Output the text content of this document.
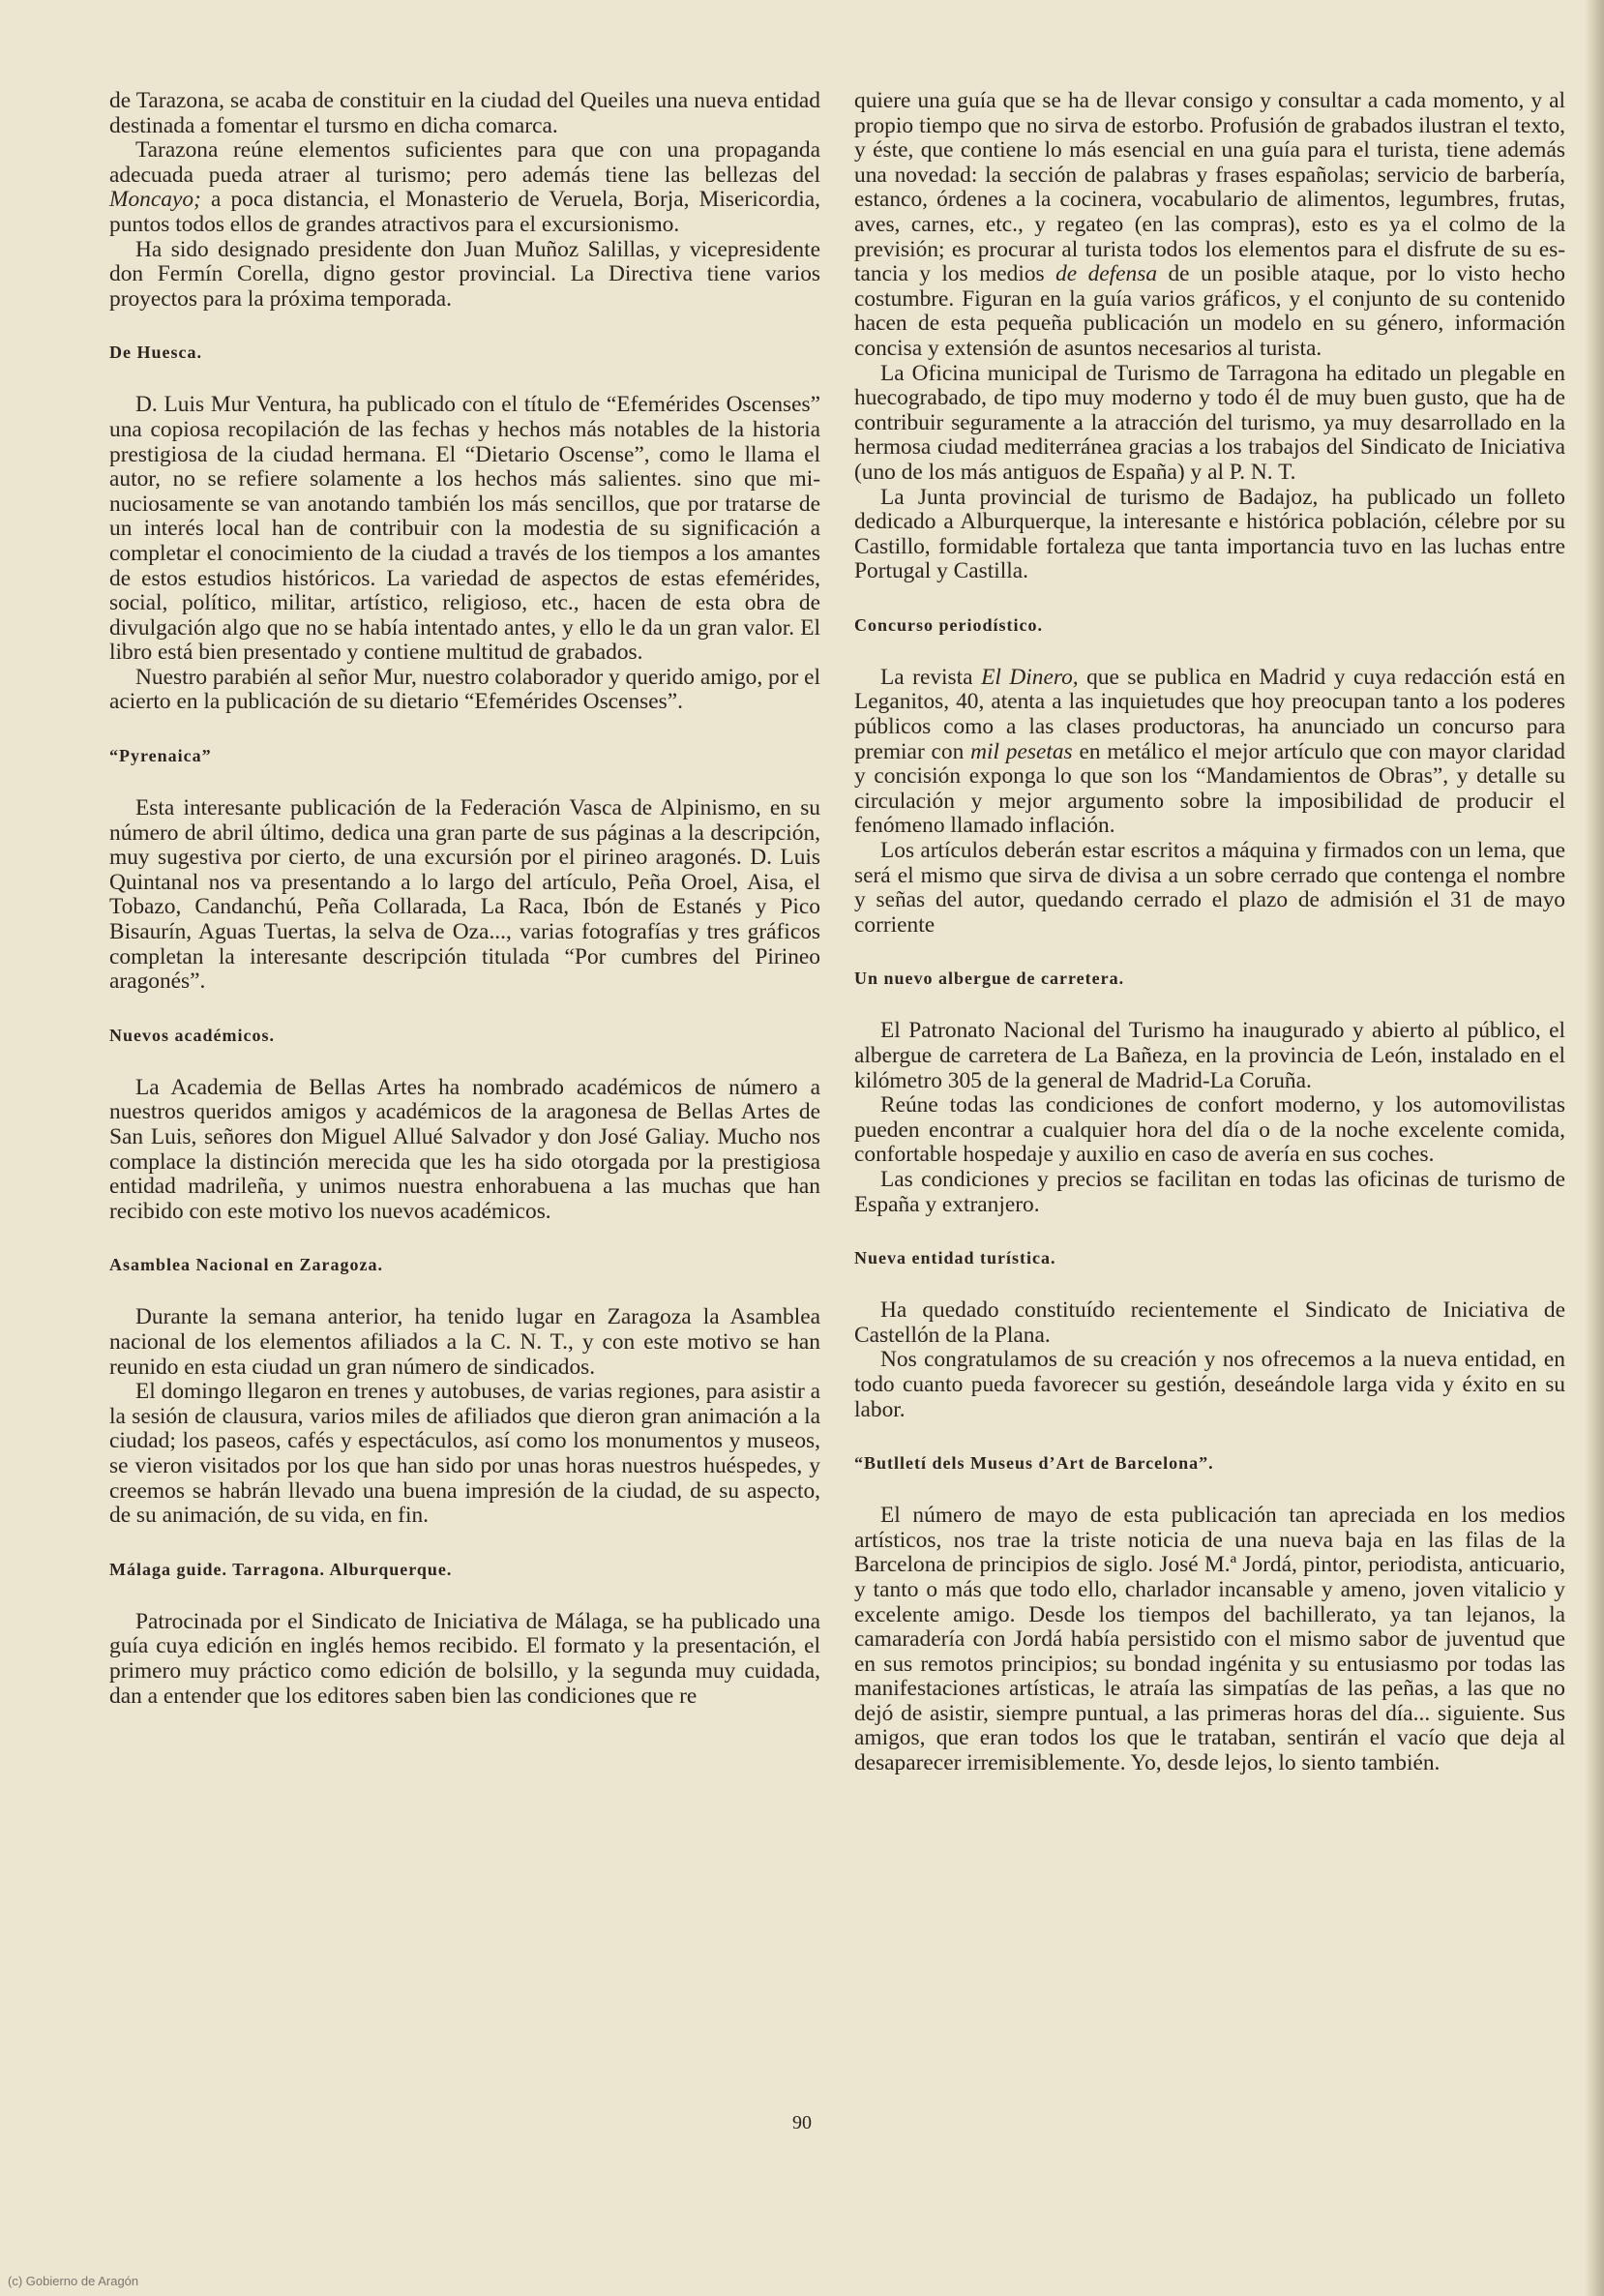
de Tarazona, se acaba de constituir en la ciudad del Queiles una nueva entidad destinada a fomentar el tursmo en dicha comarca.

Tarazona reúne elementos suficientes para que con una propaganda adecuada pueda atraer al turismo; pero además tiene las bellezas del Moncayo; a poca distancia, el Monasterio de Veruela, Borja, Misericordia, puntos todos ellos de grandes atractivos para el excursionismo.

Ha sido designado presidente don Juan Muñoz Salillas, y vicepresidente don Fermín Corella, digno gestor provincial. La Directiva tiene varios proyectos para la próxima temporada.

De Huesca.

D. Luis Mur Ventura, ha publicado con el título de “Efemérides Oscenses” una copiosa recopilación de las fechas y hechos más notables de la historia prestigiosa de la ciudad hermana. El “Dietario Oscense”, como le llama el autor, no se refiere solamente a los hechos más salientes. sino que minuciosamente se van anotando también los más sencillos, que por tratarse de un interés local han de contribuir con la modestia de su significación a completar el conocimiento de la ciudad a través de los tiempos a los amantes de estos estudios históricos. La variedad de aspectos de estas efemérides, social, político, militar, artístico, religioso, etc., hacen de esta obra de divulgación algo que no se había intentado antes, y ello le da un gran valor. El libro está bien presentado y contiene multitud de grabados.

Nuestro parabién al señor Mur, nuestro colaborador y querido amigo, por el acierto en la publicación de su dietario “Efemérides Oscenses”.

“Pyrenaica”

Esta interesante publicación de la Federación Vasca de Alpinismo, en su número de abril último, dedica una gran parte de sus páginas a la descripción, muy sugestiva por cierto, de una excursión por el pirineo aragonés. D. Luis Quintanal nos va presentando a lo largo del artículo, Peña Oroel, Aisa, el Tobazo, Candanchú, Peña Collarada, La Raca, Ibón de Estanés y Pico Bisaurín, Aguas Tuertas, la selva de Oza..., varias fotografías y tres gráficos completan la interesante descripción titulada “Por cumbres del Pirineo aragonés”.

Nuevos académicos.

La Academia de Bellas Artes ha nombrado académicos de número a nuestros queridos amigos y académicos de la aragonesa de Bellas Artes de San Luis, señores don Miguel Allué Salvador y don José Galiay. Mucho nos complace la distinción merecida que les ha sido otorgada por la prestigiosa entidad madrileña, y unimos nuestra enhorabuena a las muchas que han recibido con este motivo los nuevos académicos.

Asamblea Nacional en Zaragoza.

Durante la semana anterior, ha tenido lugar en Zaragoza la Asamblea nacional de los elementos afiliados a la C. N. T., y con este motivo se han reunido en esta ciudad un gran número de sindicados.

El domingo llegaron en trenes y autobuses, de varias regiones, para asistir a la sesión de clausura, varios miles de afiliados que dieron gran animación a la ciudad; los paseos, cafés y espectáculos, así como los monumentos y museos, se vieron visitados por los que han sido por unas horas nuestros huéspedes, y creemos se habrán llevado una buena impresión de la ciudad, de su aspecto, de su animación, de su vida, en fin.

Málaga guide. Tarragona. Alburquerque.

Patrocinada por el Sindicato de Iniciativa de Málaga, se ha publicado una guía cuya edición en inglés hemos recibido. El formato y la presentación, el primero muy práctico como edición de bolsillo, y la segunda muy cuidada, dan a entender que los editores saben bien las condiciones que re

quiere una guía que se ha de llevar consigo y consultar a cada momento, y al propio tiempo que no sirva de estorbo. Profusión de grabados ilustran el texto, y éste, que contiene lo más esencial en una guía para el turista, tiene además una novedad: la sección de palabras y frases españolas; servicio de barbería, estanco, órdenes a la cocinera, vocabulario de alimentos, legumbres, frutas, aves, carnes, etc., y regateo (en las compras), esto es ya el colmo de la previsión; es procurar al turista todos los elementos para el disfrute de su estancia y los medios de defensa de un posible ataque, por lo visto hecho costumbre. Figuran en la guía varios gráficos, y el conjunto de su contenido hacen de esta pequeña publicación un modelo en su género, información concisa y extensión de asuntos necesarios al turista.

La Oficina municipal de Turismo de Tarragona ha editado un plegable en huecograbado, de tipo muy moderno y todo él de muy buen gusto, que ha de contribuir seguramente a la atracción del turismo, ya muy desarrollado en la hermosa ciudad mediterránea gracias a los trabajos del Sindicato de Iniciativa (uno de los más antiguos de España) y al P. N. T.

La Junta provincial de turismo de Badajoz, ha publicado un folleto dedicado a Alburquerque, la interesante e histórica población, célebre por su Castillo, formidable fortaleza que tanta importancia tuvo en las luchas entre Portugal y Castilla.

Concurso periodístico.

La revista El Dinero, que se publica en Madrid y cuya redacción está en Leganitos, 40, atenta a las inquietudes que hoy preocupan tanto a los poderes públicos como a las clases productoras, ha anunciado un concurso para premiar con mil pesetas en metálico el mejor artículo que con mayor claridad y concisión exponga lo que son los “Mandamientos de Obras”, y detalle su circulación y mejor argumento sobre la imposibilidad de producir el fenómeno llamado inflación.

Los artículos deberán estar escritos a máquina y firmados con un lema, que será el mismo que sirva de divisa a un sobre cerrado que contenga el nombre y señas del autor, quedando cerrado el plazo de admisión el 31 de mayo corriente

Un nuevo albergue de carretera.

El Patronato Nacional del Turismo ha inaugurado y abierto al público, el albergue de carretera de La Bañeza, en la provincia de León, instalado en el kilómetro 305 de la general de Madrid-La Coruña.

Reúne todas las condiciones de confort moderno, y los automovilistas pueden encontrar a cualquier hora del día o de la noche excelente comida, confortable hospedaje y auxilio en caso de avería en sus coches.

Las condiciones y precios se facilitan en todas las oficinas de turismo de España y extranjero.

Nueva entidad turística.

Ha quedado constituído recientemente el Sindicato de Iniciativa de Castellón de la Plana.

Nos congratulamos de su creación y nos ofrecemos a la nueva entidad, en todo cuanto pueda favorecer su gestión, deseándole larga vida y éxito en su labor.

“Butlletí dels Museus d’Art de Barcelona”.

El número de mayo de esta publicación tan apreciada en los medios artísticos, nos trae la triste noticia de una nueva baja en las filas de la Barcelona de principios de siglo. José M.ª Jordá, pintor, periodista, anticuario, y tanto o más que todo ello, charlador incansable y ameno, joven vitalicio y excelente amigo. Desde los tiempos del bachillerato, ya tan lejanos, la camaradería con Jordá había persistido con el mismo sabor de juventud que en sus remotos principios; su bondad ingénita y su entusiasmo por todas las manifestaciones artísticas, le atraía las simpatías de las peñas, a las que no dejó de asistir, siempre puntual, a las primeras horas del día... siguiente. Sus amigos, que eran todos los que le trataban, sentirán el vacío que deja al desaparecer irremisiblemente. Yo, desde lejos, lo siento también.

90
(c) Gobierno de Aragón
